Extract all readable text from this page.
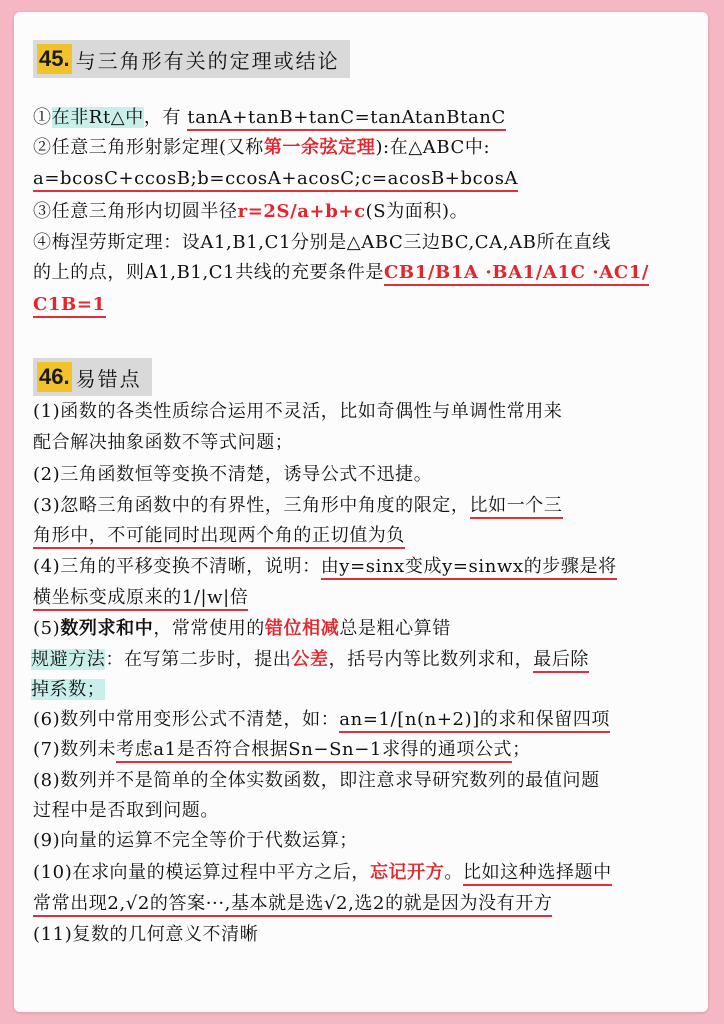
45. 与三角形有关的定理或结论
①在非Rt△中，有 tanA+tanB+tanC=tanAtanBtanC
②任意三角形射影定理(又称第一余弦定理):在△ABC中:
a=bcosC+ccosB;b=ccosA+acosC;c=acosB+bcosA
③任意三角形内切圆半径r=2S/a+b+c(S为面积)。
④梅涅劳斯定理：设A1,B1,C1分别是△ABC三边BC,CA,AB所在直线
的上的点，则A1,B1,C1共线的充要条件是CB1/B1A ·BA1/A1C ·AC1/
C1B=1
46. 易错点
(1)函数的各类性质综合运用不灵活，比如奇偶性与单调性常用来
配合解决抽象函数不等式问题；
(2)三角函数恒等变换不清楚，诱导公式不迅捷。
(3)忽略三角函数中的有界性，三角形中角度的限定，比如一个三
角形中，不可能同时出现两个角的正切值为负
(4)三角的平移变换不清晰，说明：由y=sinx变成y=sinwx的步骤是将
横坐标变成原来的1/|w|倍
(5)数列求和中，常常使用的错位相减总是粗心算错
规避方法：在写第二步时，提出公差，括号内等比数列求和，最后除
掉系数；
(6)数列中常用变形公式不清楚，如：an=1/[n(n+2)]的求和保留四项
(7)数列未考虑a1是否符合根据Sn−Sn−1求得的通项公式；
(8)数列并不是简单的全体实数函数，即注意求导研究数列的最值问题
过程中是否取到问题。
(9)向量的运算不完全等价于代数运算；
(10)在求向量的模运算过程中平方之后，忘记开方。比如这种选择题中
常常出现2,√2的答案···,基本就是选√2,选2的就是因为没有开方
(11)复数的几何意义不清晰
